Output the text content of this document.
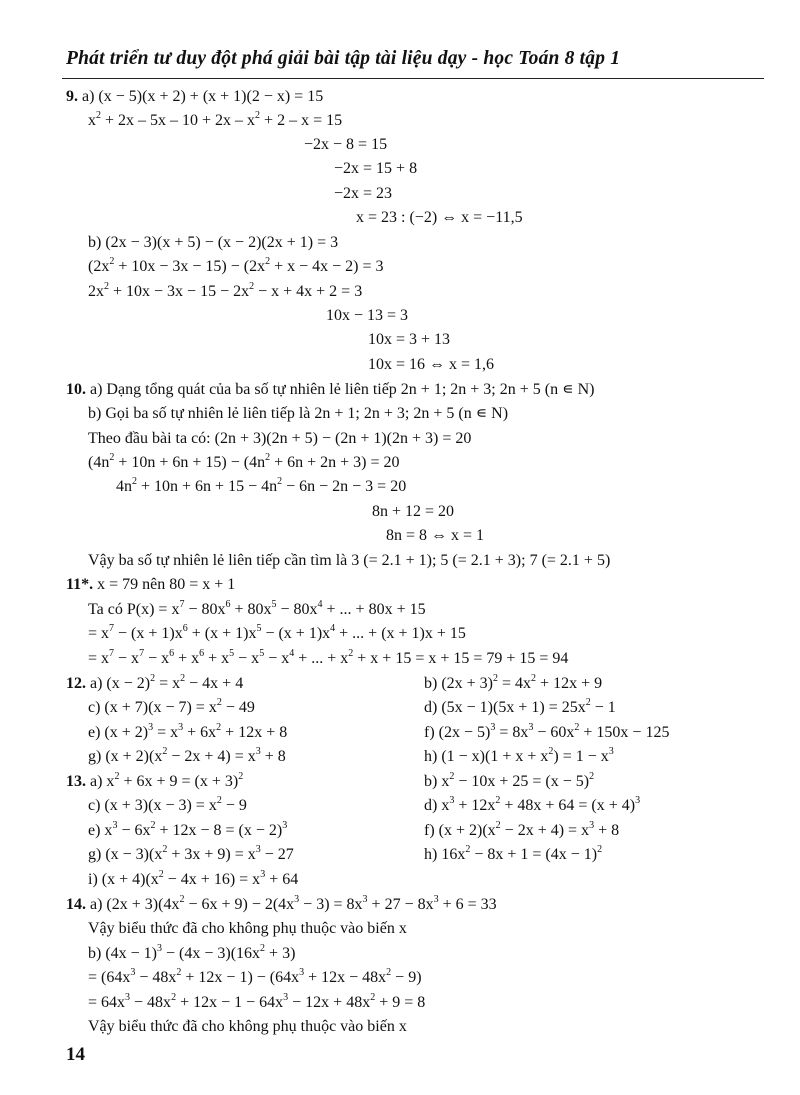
Phát triển tư duy đột phá giải bài tập tài liệu dạy - học Toán 8 tập 1
9. a) (x − 5)(x + 2) + (x + 1)(2 − x) = 15
$x^2 + 2x - 5x - 10 + 2x - x^2 + 2 - x = 15$
−2x − 8 = 15
−2x = 15 + 8
−2x = 23
x = 23 : (−2) ⇔ x = −11,5
b) (2x − 3)(x + 5) − (x − 2)(2x + 1) = 3
$(2x^2 + 10x - 3x - 15) - (2x^2 + x - 4x - 2) = 3$
$2x^2 + 10x - 3x - 15 - 2x^2 - x + 4x + 2 = 3$
10x − 13 = 3
10x = 3 + 13
10x = 16 ⇔ x = 1,6
10. a) Dạng tổng quát của ba số tự nhiên lẻ liên tiếp 2n + 1; 2n + 3; 2n + 5 (n ∊ N)
b) Gọi ba số tự nhiên lẻ liên tiếp là 2n + 1; 2n + 3; 2n + 5 (n ∊ N)
Theo đầu bài ta có: (2n + 3)(2n + 5) − (2n + 1)(2n + 3) = 20
$(4n^2 + 10n + 6n + 15) - (4n^2 + 6n + 2n + 3) = 20$
$4n^2 + 10n + 6n + 15 - 4n^2 - 6n - 2n - 3 = 20$
8n + 12 = 20
8n = 8 ⇔ x = 1
Vậy ba số tự nhiên lẻ liên tiếp cần tìm là 3 (= 2.1 + 1); 5 (= 2.1 + 3); 7 (= 2.1 + 5)
11*. x = 79 nên 80 = x + 1
Ta có $P(x) = x^7 - 80x^6 + 80x^5 - 80x^4$ + ... + 80x + 15
= $x^7 - (x + 1)x^6 + (x + 1)x^5 - (x + 1)x^4$ + ... + (x + 1)x + 15
= $x^7 - x^7 - x^6 + x^6 + x^5 - x^5 - x^4$ + ... + $x^2 + x + 15 = x + 15 = 79 + 15 = 94$
12. a) $(x - 2)^2 = x^2 - 4x + 4$	b) $(2x + 3)^2 = 4x^2 + 12x + 9$
c) $(x + 7)(x - 7) = x^2 - 49$	d) $(5x - 1)(5x + 1) = 25x^2 - 1$
e) $(x + 2)^3 = x^3 + 6x^2 + 12x + 8$	f) $(2x - 5)^3 = 8x^3 - 60x^2 + 150x - 125$
g) $(x + 2)(x^2 - 2x + 4) = x^3 + 8$	h) $(1 - x)(1 + x + x^2) = 1 - x^3$
13. a) $x^2 + 6x + 9 = (x + 3)^2$	b) $x^2 - 10x + 25 = (x - 5)^2$
c) $(x + 3)(x - 3) = x^2 - 9$	d) $x^3 + 12x^2 + 48x + 64 = (x + 4)^3$
e) $x^3 - 6x^2 + 12x - 8 = (x - 2)^3$	f) $(x + 2)(x^2 - 2x + 4) = x^3 + 8$
g) $(x - 3)(x^2 + 3x + 9) = x^3 - 27$	h) $16x^2 - 8x + 1 = (4x - 1)^2$
i) $(x + 4)(x^2 - 4x + 16) = x^3 + 64$
14. a) $(2x + 3)(4x^2 - 6x + 9) - 2(4x^3 - 3) = 8x^3 + 27 - 8x^3 + 6 = 33$
Vậy biểu thức đã cho không phụ thuộc vào biến x
b) $(4x - 1)^3 - (4x - 3)(16x^2 + 3)$
= $(64x^3 - 48x^2 + 12x - 1) - (64x^3 + 12x - 48x^2 - 9)$
= $64x^3 - 48x^2 + 12x - 1 - 64x^3 - 12x + 48x^2 + 9 = 8$
Vậy biểu thức đã cho không phụ thuộc vào biến x
14
